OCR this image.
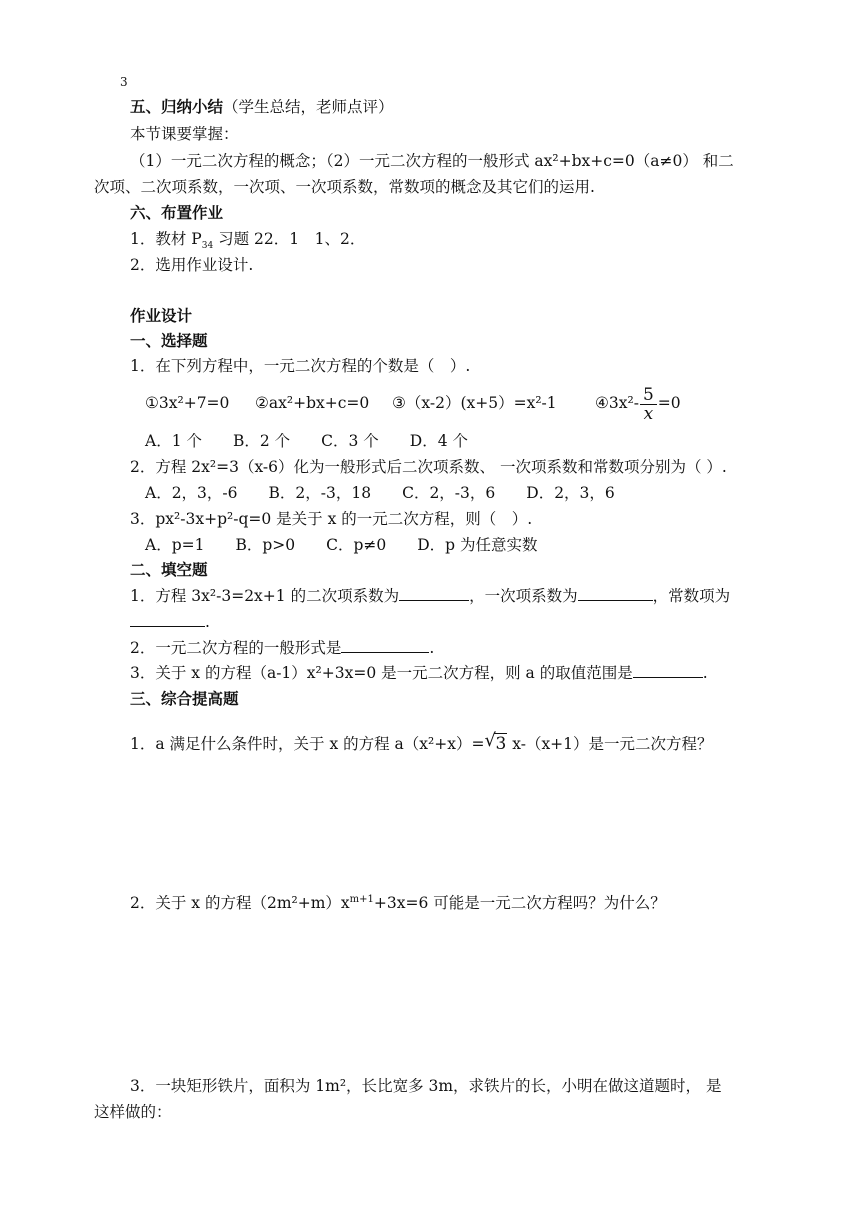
3
五、归纳小结（学生总结，老师点评）
本节课要掌握：
（1）一元二次方程的概念；（2）一元二次方程的一般形式 ax²+bx+c=0（a≠0） 和二
次项、二次项系数，一次项、一次项系数，常数项的概念及其它们的运用.
六、布置作业
1．教材 $P_{34}$ 习题 22．1　1、2．
2．选用作业设计.
作业设计
一、选择题
1．在下列方程中，一元二次方程的个数是（　）.
①3x²+7=0 ②ax²+bx+c=0 ③（x-2）(x+5）=x²-1 ④3x²- $\frac{5}{x} =0$
A．1 个　　B．2 个　　C．3 个　　D．4 个
2．方程 2x²=3（x-6）化为一般形式后二次项系数、 一次项系数和常数项分别为（ ）.
A．2，3，-6　　B．2，-3，18　　C．2，-3，6　　D．2，3，6
3．px²-3x+p²-q=0 是关于 x 的一元二次方程，则（　）.
A．p=1　　B．p>0　　C．p≠0　　D．p 为任意实数
二、填空题
1．方程 3x²-3=2x+1 的二次项系数为	，一次项系数为	，常数项为
.
2．一元二次方程的一般形式是	.
3．关于 x 的方程（a-1）x²+3x=0 是一元二次方程，则 a 的取值范围是	.
三、综合提高题
1．a 满足什么条件时，关于 x 的方程 a（x²+x）= √ 3 x-（x+1）是一元二次方程？
2．关于 x 的方程$(2m^2+m)x^{m+1}+3x=6$ 可能是一元二次方程吗？为什么？
3．一块矩形铁片，面积为 1m²，长比宽多 3m，求铁片的长，小明在做这道题时， 是
这样做的：
